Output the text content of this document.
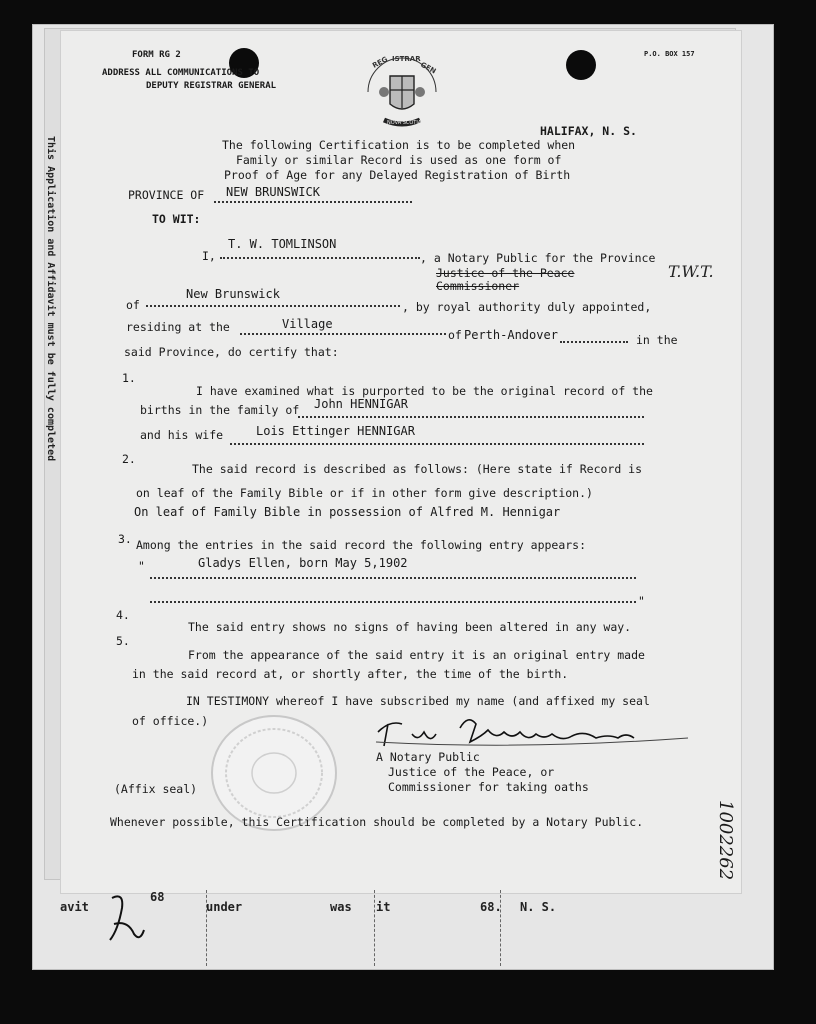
This Application and Affidavit must be fully completed
FORM RG 2
ADDRESS ALL COMMUNICATIONS TO
DEPUTY REGISTRAR GENERAL
P.O. BOX 157
REG ISTRAR
GEN
NOVA SCOTIA
HALIFAX, N. S.
The following Certification is to be completed when
Family or similar Record is used as one form of
Proof of Age for any Delayed Registration of Birth
PROVINCE OF NEW BRUNSWICK
TO WIT:
I,
T. W. TOMLINSON
, a Notary Public for the Province
Justice of the Peace
Commissioner
T.W.T.
of
New Brunswick
, by royal authority duly appointed,
residing at the	Village
of Perth-Andover	in the
said Province, do certify that:
1.
I have examined what is purported to be the original record of the
births in the family of John HENNIGAR
and his wife	Lois Ettinger HENNIGAR
2.
The said record is described as follows: (Here state if Record is
on leaf of the Family Bible or if in other form give description.)
On leaf of Family Bible in possession of Alfred M. Hennigar
3. Among the entries in the said record the following entry appears:
"	Gladys Ellen, born May 5,1902
"
4.
The said entry shows no signs of having been altered in any way.
5.
From the appearance of the said entry it is an original entry made
in the said record at, or shortly after, the time of the birth.
IN TESTIMONY whereof I have subscribed my name (and affixed my seal
of office.)
A Notary Public
Justice of the Peace, or
Commissioner for taking oaths
(Affix seal)
Whenever possible, this Certification should be completed by a Notary Public.	1002262
avit
68
under	was it	68. N. S.
